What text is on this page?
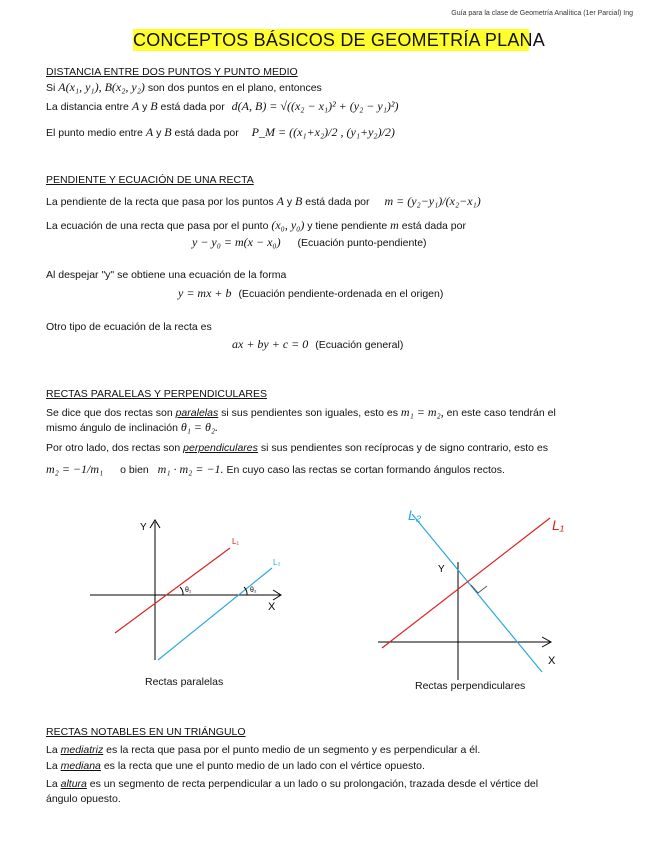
Guía para la clase de Geometría Analítica (1er Parcial) Ing
CONCEPTOS BÁSICOS DE GEOMETRÍA PLANA
DISTANCIA ENTRE DOS PUNTOS Y PUNTO MEDIO
Si A(x₁, y₁), B(x₂, y₂) son dos puntos en el plano, entonces
La distancia entre A y B está dada por d(A, B) = √((x₂ − x₁)² + (y₂ − y₁)²)
El punto medio entre A y B está dada por P_M = ((x₁+x₂)/2 , (y₁+y₂)/2)
PENDIENTE Y ECUACIÓN DE UNA RECTA
La pendiente de la recta que pasa por los puntos A y B está dada por m = (y₂−y₁)/(x₂−x₁)
La ecuación de una recta que pasa por el punto (x₀, y₀) y tiene pendiente m está dada por
y − y₀ = m(x − x₀) (Ecuación punto-pendiente)
Al despejar "y" se obtiene una ecuación de la forma
y = mx + b (Ecuación pendiente-ordenada en el origen)
Otro tipo de ecuación de la recta es
ax + by + c = 0 (Ecuación general)
RECTAS PARALELAS Y PERPENDICULARES
Se dice que dos rectas son paralelas si sus pendientes son iguales, esto es m₁ = m₂, en este caso tendrán el
mismo ángulo de inclinación θ₁ = θ₂.
Por otro lado, dos rectas son perpendiculares si sus pendientes son recíprocas y de signo contrario, esto es
m₂ = −1/m₁ o bien m₁ · m₂ = −1. En cuyo caso las rectas se cortan formando ángulos rectos.
Y
X
L₁
L₂
θ₁	θ₂
Rectas paralelas
Y
X
L₂
L₁
Rectas perpendiculares
RECTAS NOTABLES EN UN TRIÁNGULO
La mediatriz es la recta que pasa por el punto medio de un segmento y es perpendicular a él.
La mediana es la recta que une el punto medio de un lado con el vértice opuesto.
La altura es un segmento de recta perpendicular a un lado o su prolongación, trazada desde el vértice del
ángulo opuesto.
